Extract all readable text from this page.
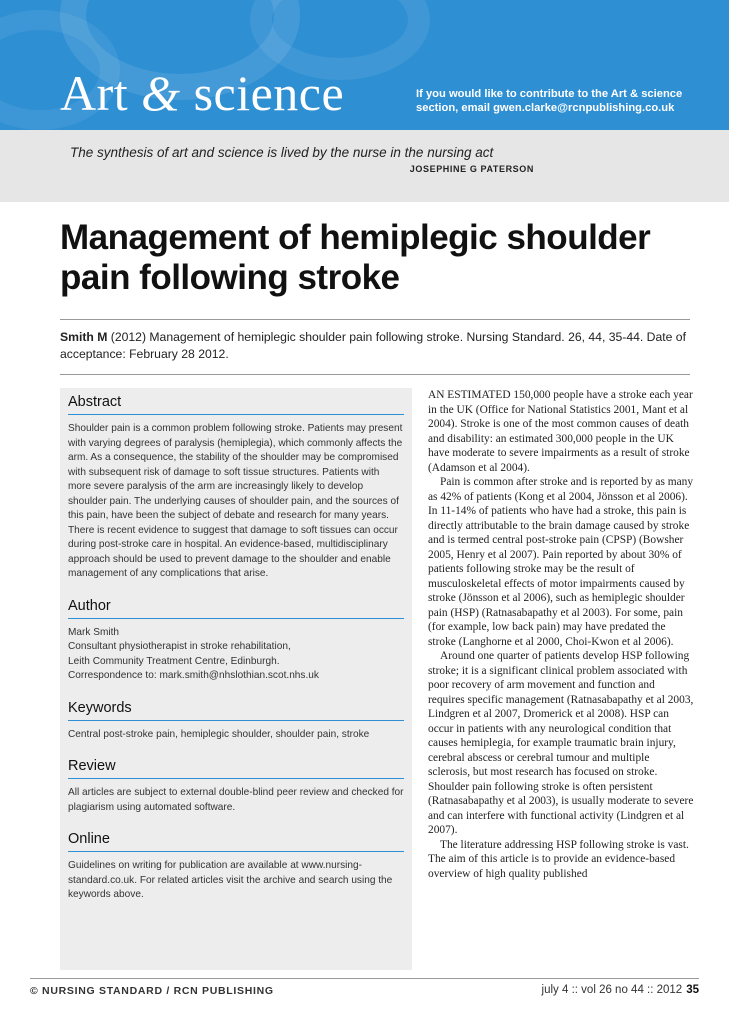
Art & science	If you would like to contribute to the Art & science section, email gwen.clarke@rcnpublishing.co.uk
The synthesis of art and science is lived by the nurse in the nursing act
JOSEPHINE G PATERSON
Management of hemiplegic shoulder pain following stroke
Smith M (2012) Management of hemiplegic shoulder pain following stroke. Nursing Standard. 26, 44, 35-44. Date of acceptance: February 28 2012.
Abstract
Shoulder pain is a common problem following stroke. Patients may present with varying degrees of paralysis (hemiplegia), which commonly affects the arm. As a consequence, the stability of the shoulder may be compromised with subsequent risk of damage to soft tissue structures. Patients with more severe paralysis of the arm are increasingly likely to develop shoulder pain. The underlying causes of shoulder pain, and the sources of this pain, have been the subject of debate and research for many years. There is recent evidence to suggest that damage to soft tissues can occur during post-stroke care in hospital. An evidence-based, multidisciplinary approach should be used to prevent damage to the shoulder and enable management of any complications that arise.
Author
Mark Smith
Consultant physiotherapist in stroke rehabilitation,
Leith Community Treatment Centre, Edinburgh.
Correspondence to: mark.smith@nhslothian.scot.nhs.uk
Keywords
Central post-stroke pain, hemiplegic shoulder, shoulder pain, stroke
Review
All articles are subject to external double-blind peer review and checked for plagiarism using automated software.
Online
Guidelines on writing for publication are available at www.nursing-standard.co.uk. For related articles visit the archive and search using the keywords above.

AN ESTIMATED 150,000 people have a stroke each year in the UK (Office for National Statistics 2001, Mant et al 2004). Stroke is one of the most common causes of death and disability: an estimated 300,000 people in the UK have moderate to severe impairments as a result of stroke (Adamson et al 2004).

Pain is common after stroke and is reported by as many as 42% of patients (Kong et al 2004, Jönsson et al 2006). In 11-14% of patients who have had a stroke, this pain is directly attributable to the brain damage caused by stroke and is termed central post-stroke pain (CPSP) (Bowsher 2005, Henry et al 2007). Pain reported by about 30% of patients following stroke may be the result of musculoskeletal effects of motor impairments caused by stroke (Jönsson et al 2006), such as hemiplegic shoulder pain (HSP) (Ratnasabapathy et al 2003). For some, pain (for example, low back pain) may have predated the stroke (Langhorne et al 2000, Choi-Kwon et al 2006).

Around one quarter of patients develop HSP following stroke; it is a significant clinical problem associated with poor recovery of arm movement and function and requires specific management (Ratnasabapathy et al 2003, Lindgren et al 2007, Dromerick et al 2008). HSP can occur in patients with any neurological condition that causes hemiplegia, for example traumatic brain injury, cerebral abscess or cerebral tumour and multiple sclerosis, but most research has focused on stroke. Shoulder pain following stroke is often persistent (Ratnasabapathy et al 2003), is usually moderate to severe and can interfere with functional activity (Lindgren et al 2007).

The literature addressing HSP following stroke is vast. The aim of this article is to provide an evidence-based overview of high quality published

© NURSING STANDARD / RCN PUBLISHING	july 4 :: vol 26 no 44 :: 2012 35
